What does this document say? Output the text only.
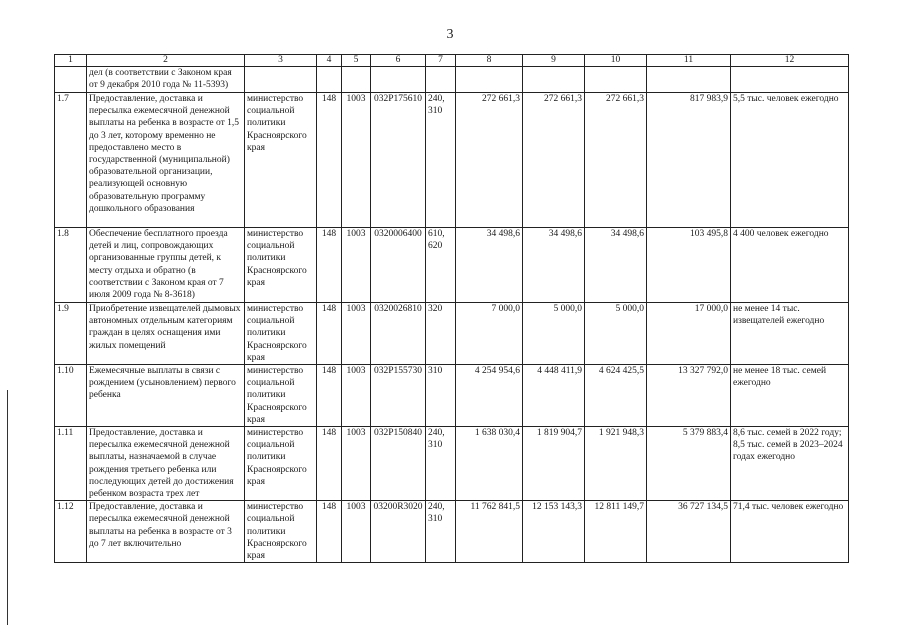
3
1	2	3	4	5	6	7	8	9	10	11	12
	дел (в соответствии с Законом края от 9 декабря 2010 года № 11-5393)										
1.7	Предоставление, доставка и пересылка ежемесячной денежной выплаты на ребенка в возрасте от 1,5 до 3 лет, которому временно не предоставлено место в государственной (муниципальной) образовательной организации, реализующей основную образовательную программу дошкольного образования	министерство социальной политики Красноярского края	148	1003	032P175610	240, 310	272 661,3	272 661,3	272 661,3	817 983,9	5,5 тыс. человек ежегодно
1.8	Обеспечение бесплатного проезда детей и лиц, сопровождающих организованные группы детей, к месту отдыха и обратно (в соответствии с Законом края от 7 июля 2009 года № 8-3618)	министерство социальной политики Красноярского края	148	1003	0320006400	610, 620	34 498,6	34 498,6	34 498,6	103 495,8	4 400 человек ежегодно
1.9	Приобретение извещателей дымовых автономных отдельным категориям граждан в целях оснащения ими жилых помещений	министерство социальной политики Красноярского края	148	1003	0320026810	320	7 000,0	5 000,0	5 000,0	17 000,0	не менее 14 тыс. извещателей ежегодно
1.10	Ежемесячные выплаты в связи с рождением (усыновлением) первого ребенка	министерство социальной политики Красноярского края	148	1003	032P155730	310	4 254 954,6	4 448 411,9	4 624 425,5	13 327 792,0	не менее 18 тыс. семей ежегодно
1.11	Предоставление, доставка и пересылка ежемесячной денежной выплаты, назначаемой в случае рождения третьего ребенка или последующих детей до достижения ребенком возраста трех лет	министерство социальной политики Красноярского края	148	1003	032P150840	240, 310	1 638 030,4	1 819 904,7	1 921 948,3	5 379 883,4	8,6 тыс. семей в 2022 году; 8,5 тыс. семей в 2023–2024 годах ежегодно
1.12	Предоставление, доставка и пересылка ежемесячной денежной выплаты на ребенка в возрасте от 3 до 7 лет включительно	министерство социальной политики Красноярского края	148	1003	03200R3020	240, 310	11 762 841,5	12 153 143,3	12 811 149,7	36 727 134,5	71,4 тыс. человек ежегодно
